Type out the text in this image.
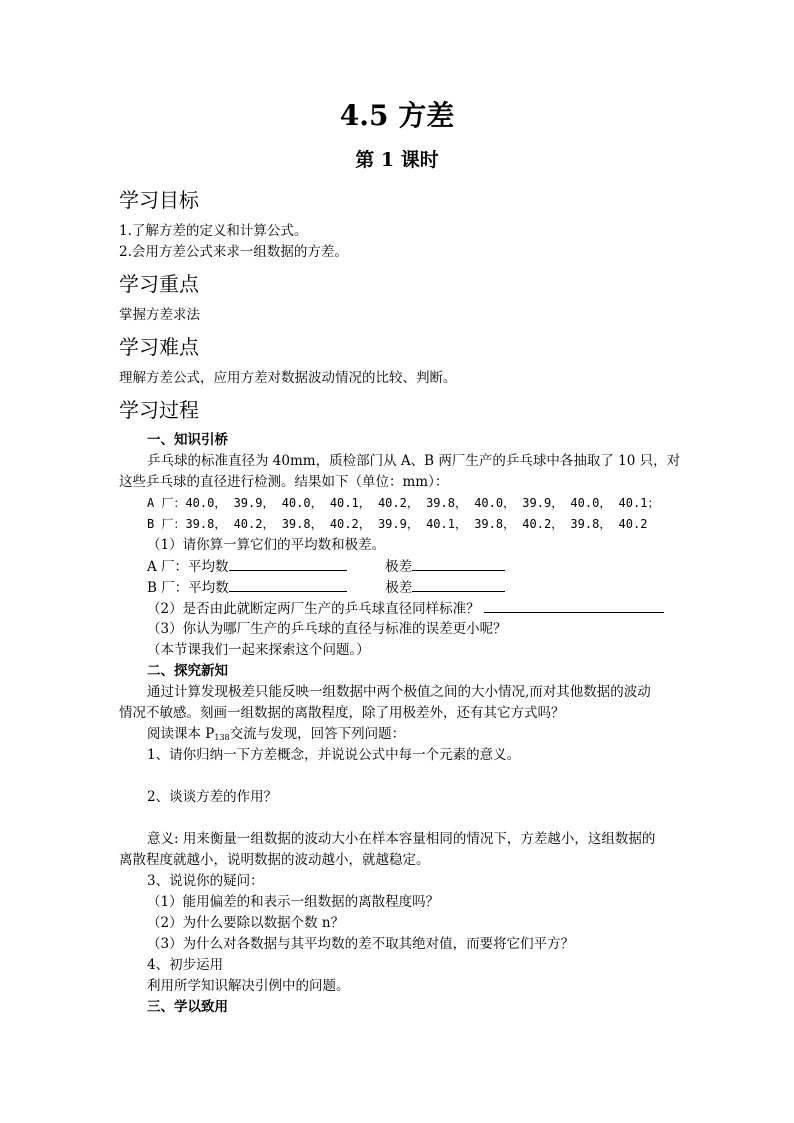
4.5 方差
第 1 课时
学习目标
1.了解方差的定义和计算公式。
2.会用方差公式来求一组数据的方差。
学习重点
掌握方差求法
学习难点
理解方差公式，应用方差对数据波动情况的比较、判断。
学习过程
一、知识引桥
乒乓球的标准直径为 40mm，质检部门从 A、B 两厂生产的乒乓球中各抽取了 10 只，对
这些乒乓球的直径进行检测。结果如下（单位：mm）：
A 厂：40.0， 39.9， 40.0， 40.1， 40.2， 39.8， 40.0， 39.9， 40.0， 40.1；
B 厂：39.8， 40.2， 39.8， 40.2， 39.9， 40.1， 39.8， 40.2， 39.8， 40.2
（1）请你算一算它们的平均数和极差。
A 厂：平均数	极差
B 厂：平均数	极差
（2）是否由此就断定两厂生产的乒乓球直径同样标准？
（3）你认为哪厂生产的乒乓球的直径与标准的误差更小呢？
（本节课我们一起来探索这个问题。）
二、探究新知
通过计算发现极差只能反映一组数据中两个极值之间的大小情况,而对其他数据的波动
情况不敏感。刻画一组数据的离散程度，除了用极差外，还有其它方式吗？
阅读课本 $P_{138}$交流与发现，回答下列问题：
1、请你归纳一下方差概念，并说说公式中每一个元素的意义。
2、谈谈方差的作用？
意义: 用来衡量一组数据的波动大小在样本容量相同的情况下，方差越小，这组数据的
离散程度就越小，说明数据的波动越小，就越稳定。
3、说说你的疑问：
（1）能用偏差的和表示一组数据的离散程度吗？
（2）为什么要除以数据个数 n？
（3）为什么对各数据与其平均数的差不取其绝对值，而要将它们平方？
4、初步运用
利用所学知识解决引例中的问题。
三、学以致用
